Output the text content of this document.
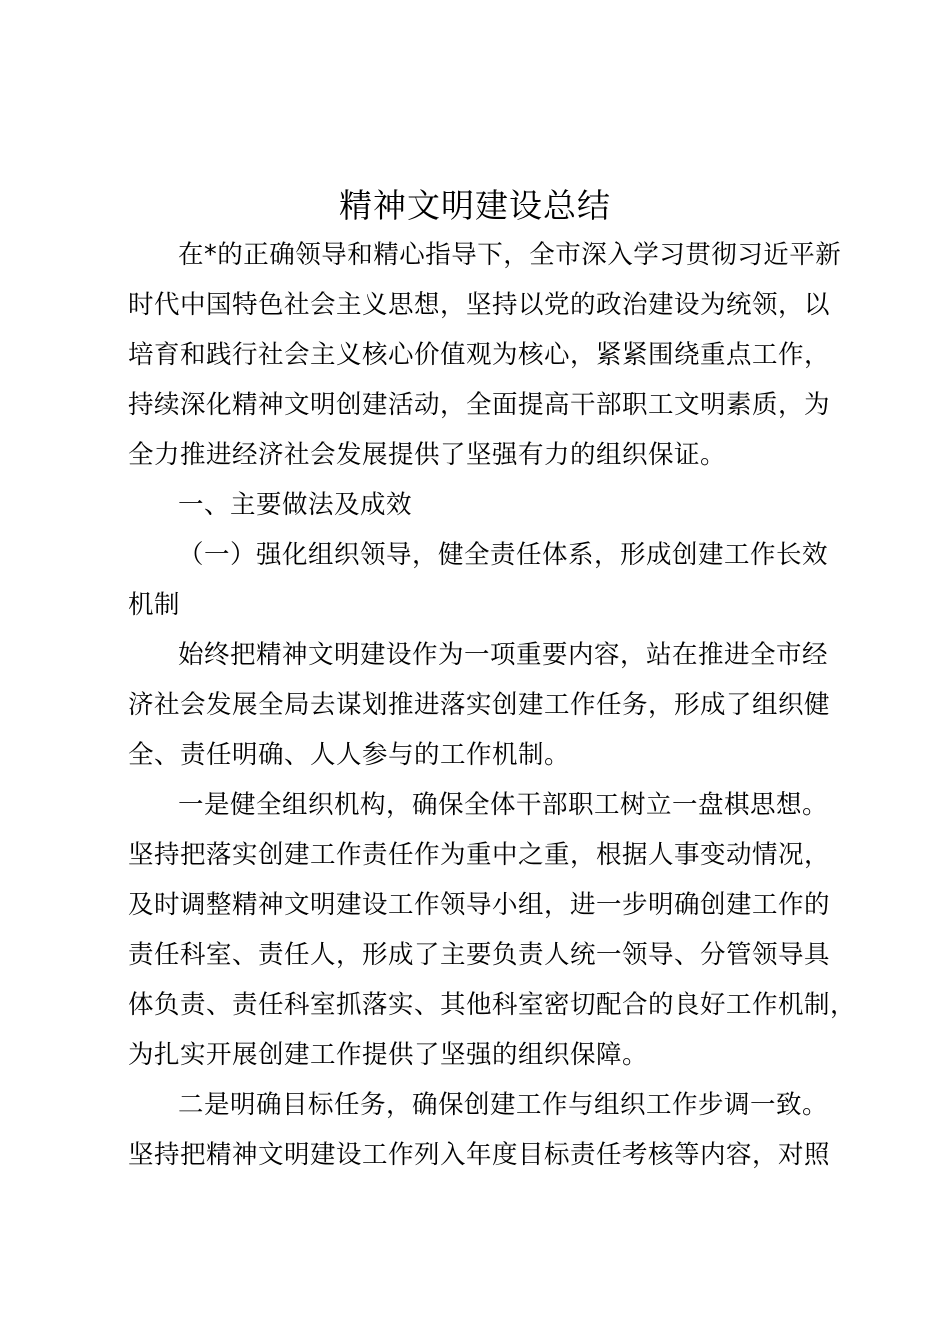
精神文明建设总结
在*的正确领导和精心指导下，全市深入学习贯彻习近平新
时代中国特色社会主义思想，坚持以党的政治建设为统领，以
培育和践行社会主义核心价值观为核心，紧紧围绕重点工作，
持续深化精神文明创建活动，全面提高干部职工文明素质，为
全力推进经济社会发展提供了坚强有力的组织保证。
一、主要做法及成效
（一）强化组织领导，健全责任体系，形成创建工作长效
机制
始终把精神文明建设作为一项重要内容，站在推进全市经
济社会发展全局去谋划推进落实创建工作任务，形成了组织健
全、责任明确、人人参与的工作机制。
一是健全组织机构，确保全体干部职工树立一盘棋思想。
坚持把落实创建工作责任作为重中之重，根据人事变动情况，
及时调整精神文明建设工作领导小组，进一步明确创建工作的
责任科室、责任人，形成了主要负责人统一领导、分管领导具
体负责、责任科室抓落实、其他科室密切配合的良好工作机制，
为扎实开展创建工作提供了坚强的组织保障。
二是明确目标任务，确保创建工作与组织工作步调一致。
坚持把精神文明建设工作列入年度目标责任考核等内容，对照
